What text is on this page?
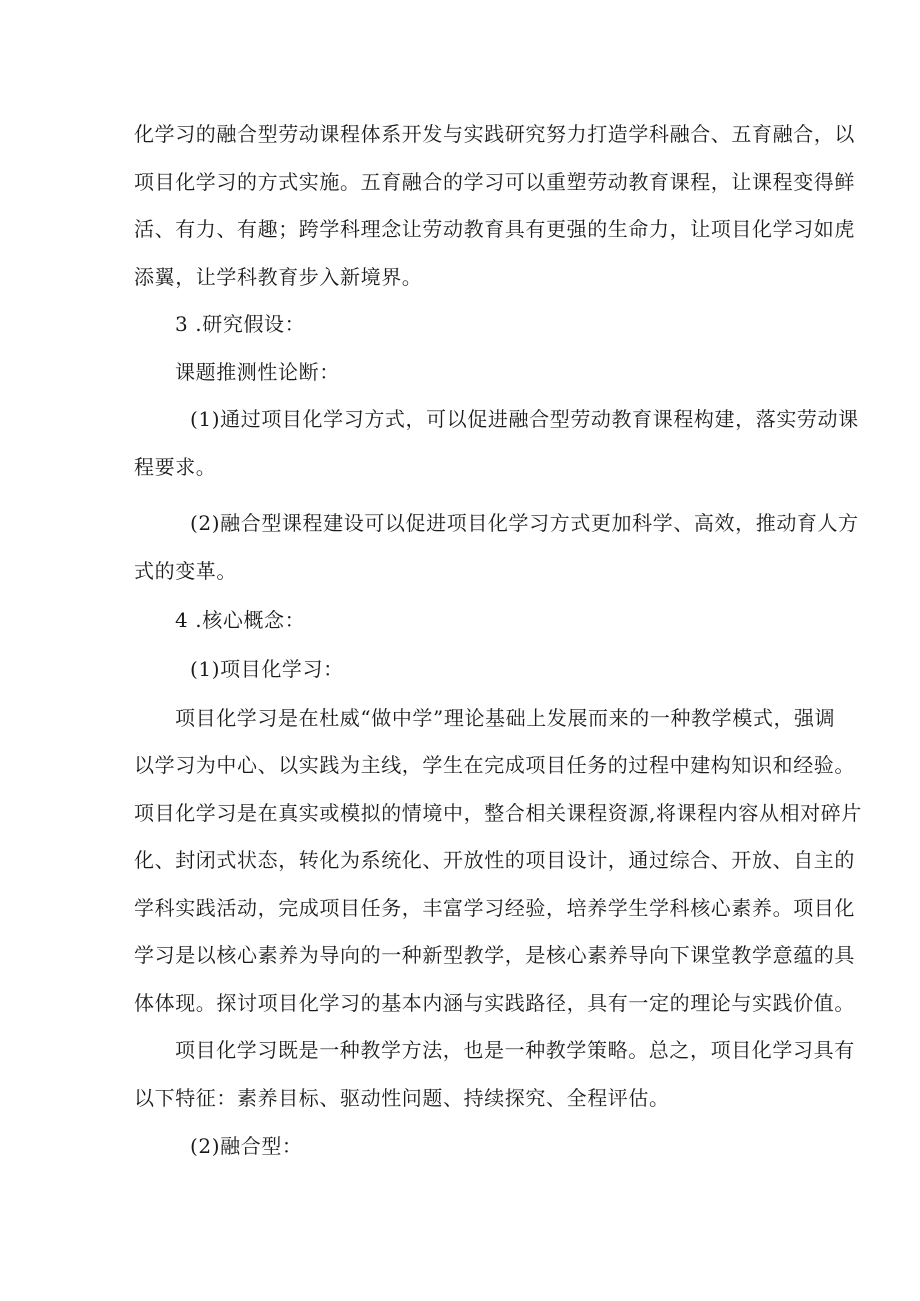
化学习的融合型劳动课程体系开发与实践研究努力打造学科融合、五育融合，以
项目化学习的方式实施。五育融合的学习可以重塑劳动教育课程，让课程变得鲜
活、有力、有趣；跨学科理念让劳动教育具有更强的生命力，让项目化学习如虎
添翼，让学科教育步入新境界。
3 .研究假设：
课题推测性论断：
(1)通过项目化学习方式，可以促进融合型劳动教育课程构建，落实劳动课
程要求。
(2)融合型课程建设可以促进项目化学习方式更加科学、高效，推动育人方
式的变革。
4 .核心概念：
(1)项目化学习：
项目化学习是在杜威“做中学”理论基础上发展而来的一种教学模式，强调
以学习为中心、以实践为主线，学生在完成项目任务的过程中建构知识和经验。
项目化学习是在真实或模拟的情境中，整合相关课程资源,将课程内容从相对碎片
化、封闭式状态，转化为系统化、开放性的项目设计，通过综合、开放、自主的
学科实践活动，完成项目任务，丰富学习经验，培养学生学科核心素养。项目化
学习是以核心素养为导向的一种新型教学，是核心素养导向下课堂教学意蕴的具
体体现。探讨项目化学习的基本内涵与实践路径，具有一定的理论与实践价值。
项目化学习既是一种教学方法，也是一种教学策略。总之，项目化学习具有
以下特征：素养目标、驱动性问题、持续探究、全程评估。
(2)融合型：
